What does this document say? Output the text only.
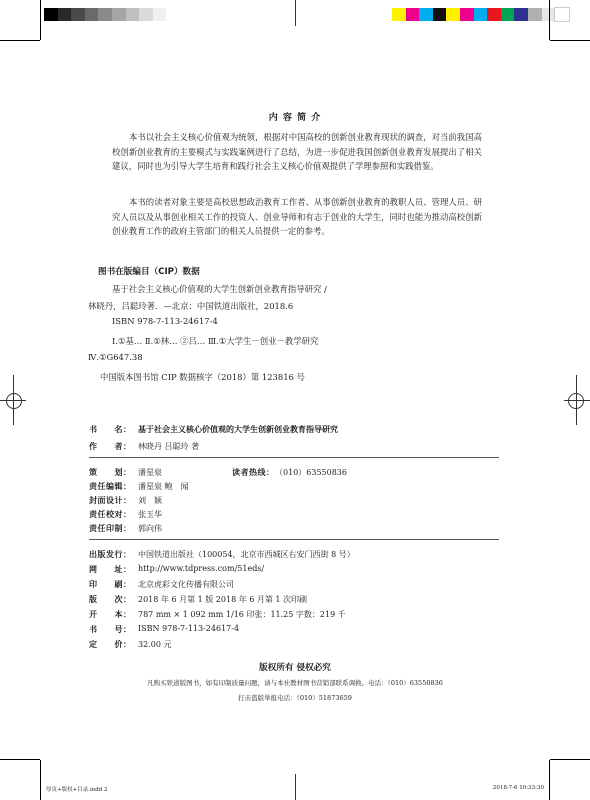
内 容 简 介
本书以社会主义核心价值观为统领，根据对中国高校的创新创业教育现状的调查，对当前我国高校创新创业教育的主要模式与实践案例进行了总结，为进一步促进我国创新创业教育发展提出了相关建议，同时也为引导大学生培育和践行社会主义核心价值观提供了学理参照和实践借鉴。
本书的读者对象主要是高校思想政治教育工作者、从事创新创业教育的教职人员、管理人员、研究人员以及从事创业相关工作的投资人、创业导师和有志于创业的大学生，同时也能为推动高校创新创业教育工作的政府主管部门的相关人员提供一定的参考。
图书在版编目（CIP）数据
基于社会主义核心价值观的大学生创新创业教育指导研究 /
林晓丹，吕聪玲著．—北京：中国铁道出版社，2018.6
ISBN 978-7-113-24617-4
Ⅰ.①基… Ⅱ.①林… ②吕… Ⅲ.①大学生－创业－教学研究
Ⅳ.①G647.38
中国版本图书馆 CIP 数据核字（2018）第 123816 号
书　　名： 基于社会主义核心价值观的大学生创新创业教育指导研究
作　　者： 林晓丹 吕聪玲 著
策　　划： 潘星泉	读者热线： （010）63550836
责任编辑： 潘星泉 鲍　闻
封面设计： 刘　颖
责任校对： 张玉华
责任印制： 郭向伟
出版发行： 中国铁道出版社（100054，北京市西城区右安门西街 8 号）
网　　址： http://www.tdpress.com/51eds/
印　　刷： 北京虎彩文化传播有限公司
版　　次： 2018 年 6 月第 1 版 2018 年 6 月第 1 次印刷
开　　本： 787 mm × 1 092 mm 1/16 印张：11.25 字数：219 千
书　　号： ISBN 978-7-113-24617-4
定　　价： 32.00 元
版权所有 侵权必究
凡购买铁道版图书，如有印制质量问题，请与本社教材图书营销部联系调换。电话：（010）63550836
打击盗版举报电话：（010）51873659
厚页+版权+目录.indd 2	2018-7-6 10:33:30
